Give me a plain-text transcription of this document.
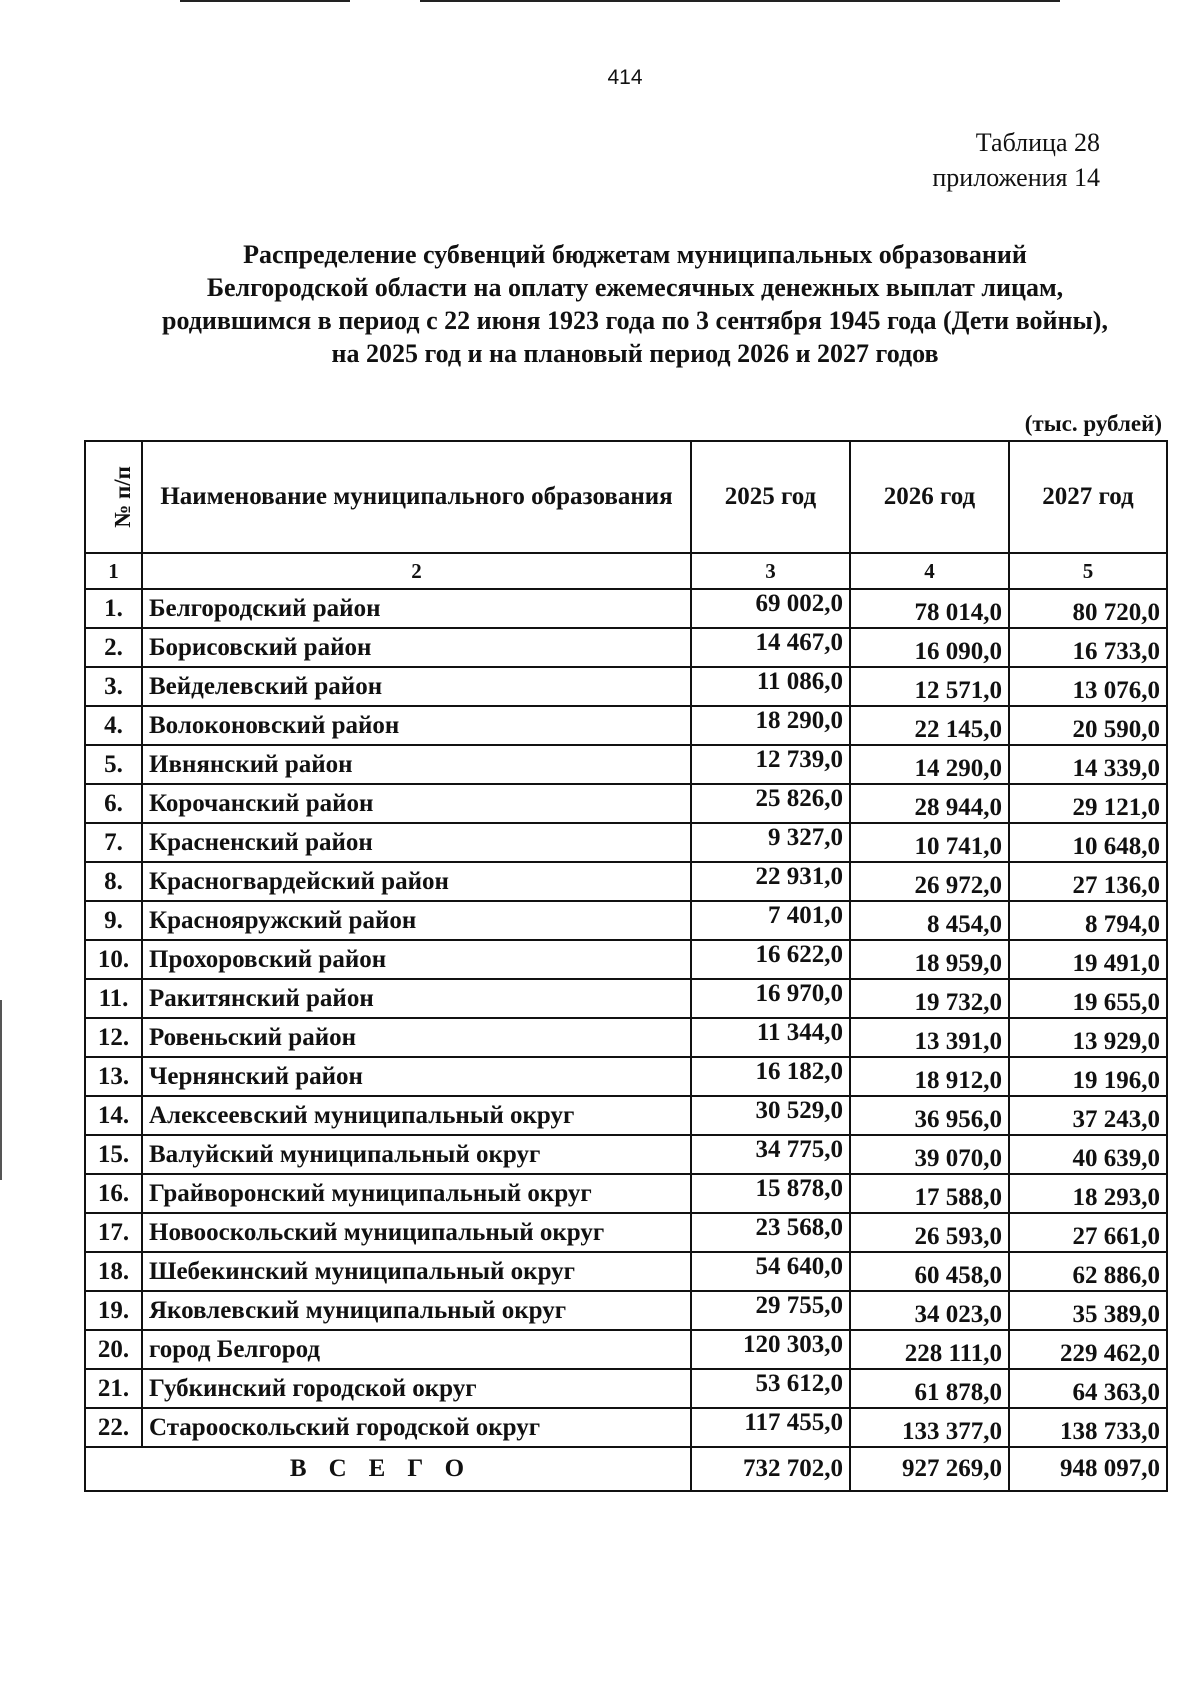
414
Таблица 28
приложения 14
Распределение субвенций бюджетам муниципальных образований
Белгородской области на оплату ежемесячных денежных выплат лицам,
родившимся в период с 22 июня 1923 года по 3 сентября 1945 года (Дети войны),
на 2025 год и на плановый период 2026 и 2027 годов
(тыс. рублей)
№ п/п	Наименование муниципального образования	2025 год	2026 год	2027 год
1	2	3	4	5
1.	Белгородский район	69 002,0	78 014,0	80 720,0
2.	Борисовский район	14 467,0	16 090,0	16 733,0
3.	Вейделевский район	11 086,0	12 571,0	13 076,0
4.	Волоконовский район	18 290,0	22 145,0	20 590,0
5.	Ивнянский район	12 739,0	14 290,0	14 339,0
6.	Корочанский район	25 826,0	28 944,0	29 121,0
7.	Красненский район	9 327,0	10 741,0	10 648,0
8.	Красногвардейский район	22 931,0	26 972,0	27 136,0
9.	Краснояружский район	7 401,0	8 454,0	8 794,0
10.	Прохоровский район	16 622,0	18 959,0	19 491,0
11.	Ракитянский район	16 970,0	19 732,0	19 655,0
12.	Ровеньский район	11 344,0	13 391,0	13 929,0
13.	Чернянский район	16 182,0	18 912,0	19 196,0
14.	Алексеевский муниципальный округ	30 529,0	36 956,0	37 243,0
15.	Валуйский муниципальный округ	34 775,0	39 070,0	40 639,0
16.	Грайворонский муниципальный округ	15 878,0	17 588,0	18 293,0
17.	Новооскольский муниципальный округ	23 568,0	26 593,0	27 661,0
18.	Шебекинский муниципальный округ	54 640,0	60 458,0	62 886,0
19.	Яковлевский муниципальный округ	29 755,0	34 023,0	35 389,0
20.	город Белгород	120 303,0	228 111,0	229 462,0
21.	Губкинский городской округ	53 612,0	61 878,0	64 363,0
22.	Старооскольский городской округ	117 455,0	133 377,0	138 733,0
ВСЕГО		732 702,0	927 269,0	948 097,0
